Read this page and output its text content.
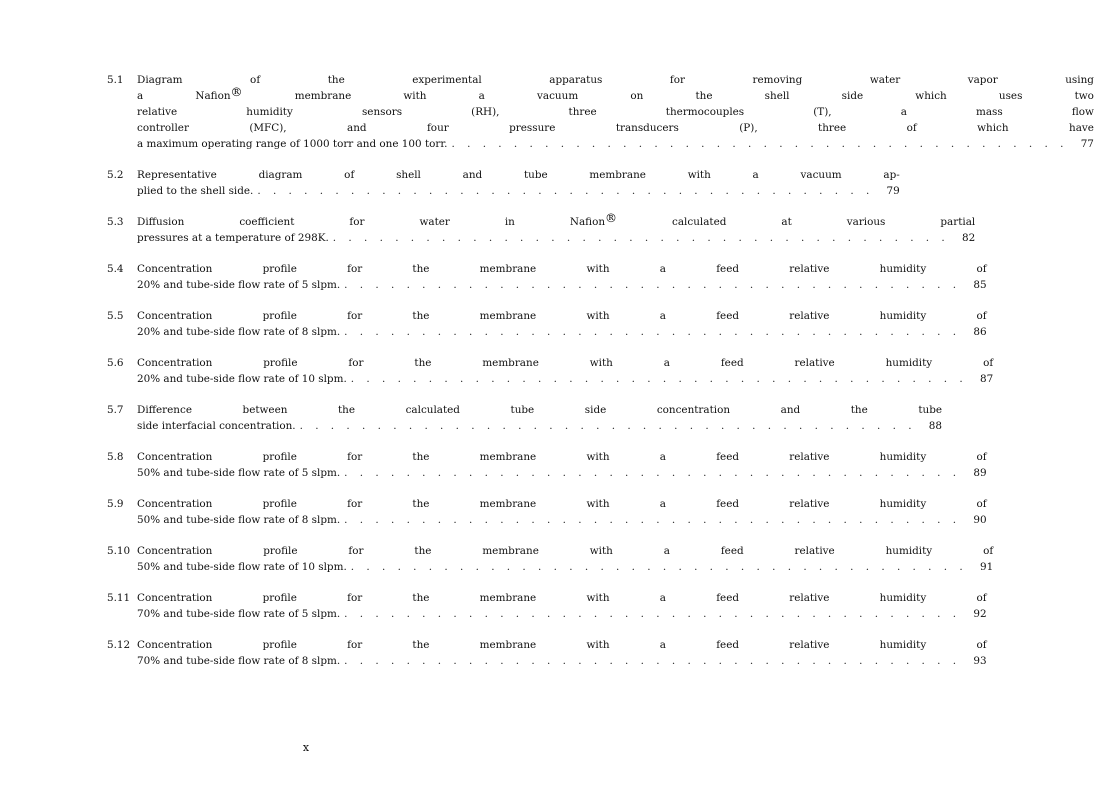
5.1	Diagram of the experimental apparatus for removing water vapor using
a Nafion® membrane with a vacuum on the shell side which uses two
relative humidity sensors (RH), three thermocouples (T), a mass flow
controller (MFC), and four pressure transducers (P), three of which have
a maximum operating range of 1000 torr and one 100 torr. . . . . . . . . . . . . . . . . . . . . . . . . . . . . . . . . . . . . . . . .	77
5.2	Representative diagram of shell and tube membrane with a vacuum ap-
plied to the shell side. . . . . . . . . . . . . . . . . . . . . . . . . . . . . . . . . . . . . . . . .	79
5.3	Diffusion coefficient for water in Nafion® calculated at various partial
pressures at a temperature of 298K. . . . . . . . . . . . . . . . . . . . . . . . . . . . . . . . . . . . . . . . .	82
5.4	Concentration profile for the membrane with a feed relative humidity of
20% and tube-side flow rate of 5 slpm. . . . . . . . . . . . . . . . . . . . . . . . . . . . . . . . . . . . . . . . .	85
5.5	Concentration profile for the membrane with a feed relative humidity of
20% and tube-side flow rate of 8 slpm. . . . . . . . . . . . . . . . . . . . . . . . . . . . . . . . . . . . . . . . .	86
5.6	Concentration profile for the membrane with a feed relative humidity of
20% and tube-side flow rate of 10 slpm. . . . . . . . . . . . . . . . . . . . . . . . . . . . . . . . . . . . . . . . .	87
5.7	Difference between the calculated tube side concentration and the tube
side interfacial concentration. . . . . . . . . . . . . . . . . . . . . . . . . . . . . . . . . . . . . . . . .	88
5.8	Concentration profile for the membrane with a feed relative humidity of
50% and tube-side flow rate of 5 slpm. . . . . . . . . . . . . . . . . . . . . . . . . . . . . . . . . . . . . . . . .	89
5.9	Concentration profile for the membrane with a feed relative humidity of
50% and tube-side flow rate of 8 slpm. . . . . . . . . . . . . . . . . . . . . . . . . . . . . . . . . . . . . . . . .	90
5.10 Concentration profile for the membrane with a feed relative humidity of
50% and tube-side flow rate of 10 slpm. . . . . . . . . . . . . . . . . . . . . . . . . . . . . . . . . . . . . . . . .	91
5.11 Concentration profile for the membrane with a feed relative humidity of
70% and tube-side flow rate of 5 slpm. . . . . . . . . . . . . . . . . . . . . . . . . . . . . . . . . . . . . . . . .	92
5.12 Concentration profile for the membrane with a feed relative humidity of
70% and tube-side flow rate of 8 slpm. . . . . . . . . . . . . . . . . . . . . . . . . . . . . . . . . . . . . . . . .	93
x
